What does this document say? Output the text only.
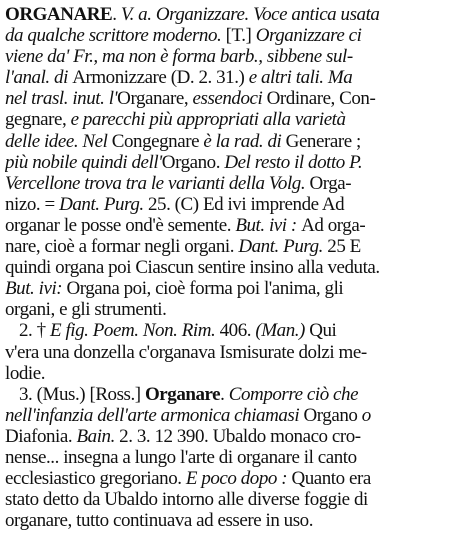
ORGANARE. V. a. Organizzare. Voce antica usata
da qualche scrittore moderno. [T.] Organizzare ci
viene da' Fr., ma non è forma barb., sibbene sul-
l'anal. di Armonizzare (D. 2. 31.) e altri tali. Ma
nel trasl. inut. l'Organare, essendoci Ordinare, Con-
gegnare, e parecchi più appropriati alla varietà
delle idee. Nel Congegnare è la rad. di Generare ;
più nobile quindi dell'Organo. Del resto il dotto P.
Vercellone trova tra le varianti della Volg. Orga-
nizo. = Dant. Purg. 25. (C) Ed ivi imprende Ad
organar le posse ond'è semente. But. ivi : Ad orga-
nare, cioè a formar negli organi. Dant. Purg. 25 E
quindi organa poi Ciascun sentire insino alla veduta.
But. ivi: Organa poi, cioè forma poi l'anima, gli
organi, e gli strumenti.
2. † E fig. Poem. Non. Rim. 406. (Man.) Qui
v'era una donzella c'organava Ismisurate dolzi me-
lodie.
3. (Mus.) [Ross.] Organare. Comporre ciò che
nell'infanzia dell'arte armonica chiamasi Organo o
Diafonia. Bain. 2. 3. 12 390. Ubaldo monaco cro-
nense... insegna a lungo l'arte di organare il canto
ecclesiastico gregoriano. E poco dopo : Quanto era
stato detto da Ubaldo intorno alle diverse foggie di
organare, tutto continuava ad essere in uso.
